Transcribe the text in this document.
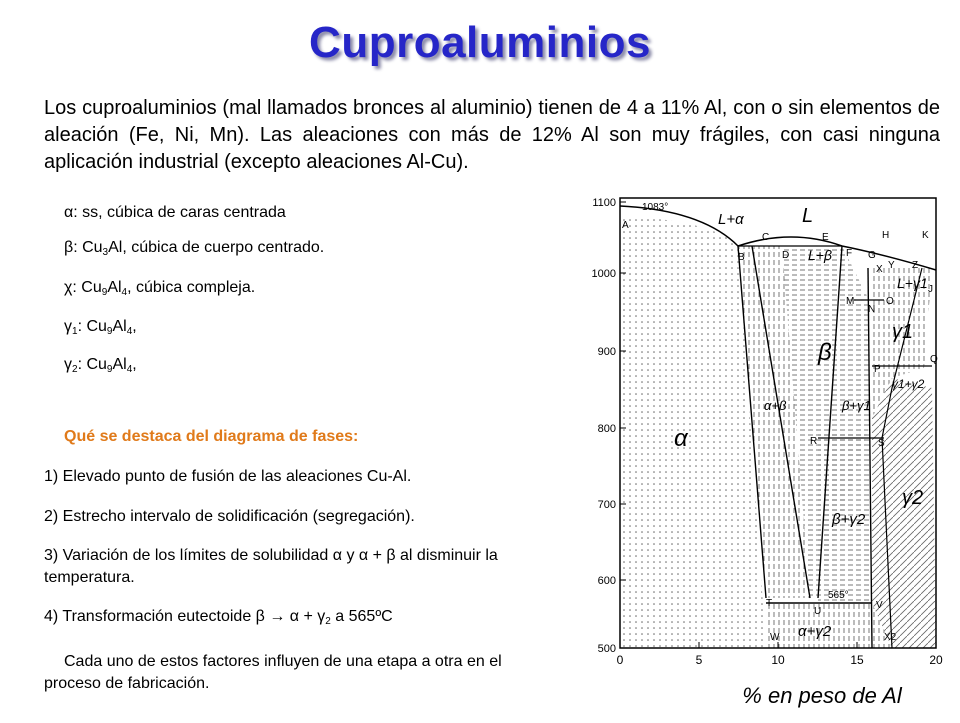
Cuproaluminios
Los cuproaluminios (mal llamados bronces al aluminio) tienen de 4 a 11% Al, con o sin elementos de aleación (Fe, Ni, Mn). Las aleaciones con más de 12% Al son muy frágiles, con casi ninguna aplicación industrial (excepto aleaciones Al-Cu).
α: ss, cúbica de caras centrada
β: $Cu_3Al$, cúbica de cuerpo centrado.
χ: $Cu_9Al_4$, cúbica compleja.
$\gamma_1$: $Cu_9Al_4$,
$\gamma_2$: $Cu_9Al_4$,
Qué se destaca del diagrama de fases:
1) Elevado punto de fusión de las aleaciones Cu-Al.
2) Estrecho intervalo de solidificación (segregación).
3) Variación de los límites de solubilidad α y α + β al disminuir la temperatura.
4) Transformación eutectoide $\beta \to \alpha + \gamma_2$ a 565ºC
Cada uno de estos factores influyen de una etapa a otra en el proceso de fabricación.
1100
1000
900
800
700
600
500
0	5	10	15	20
% en peso de Al
1083°
565°
L
L+α
L+β
L+γ1
α
β
α+β	β+γ1
γ1
γ1+γ2
γ2
β+γ2
α+γ2
A
B
C
D
E
F G
H	K
X Y Z
J
M
N
O
P
Q
R	S
T
U
V
W	X2
